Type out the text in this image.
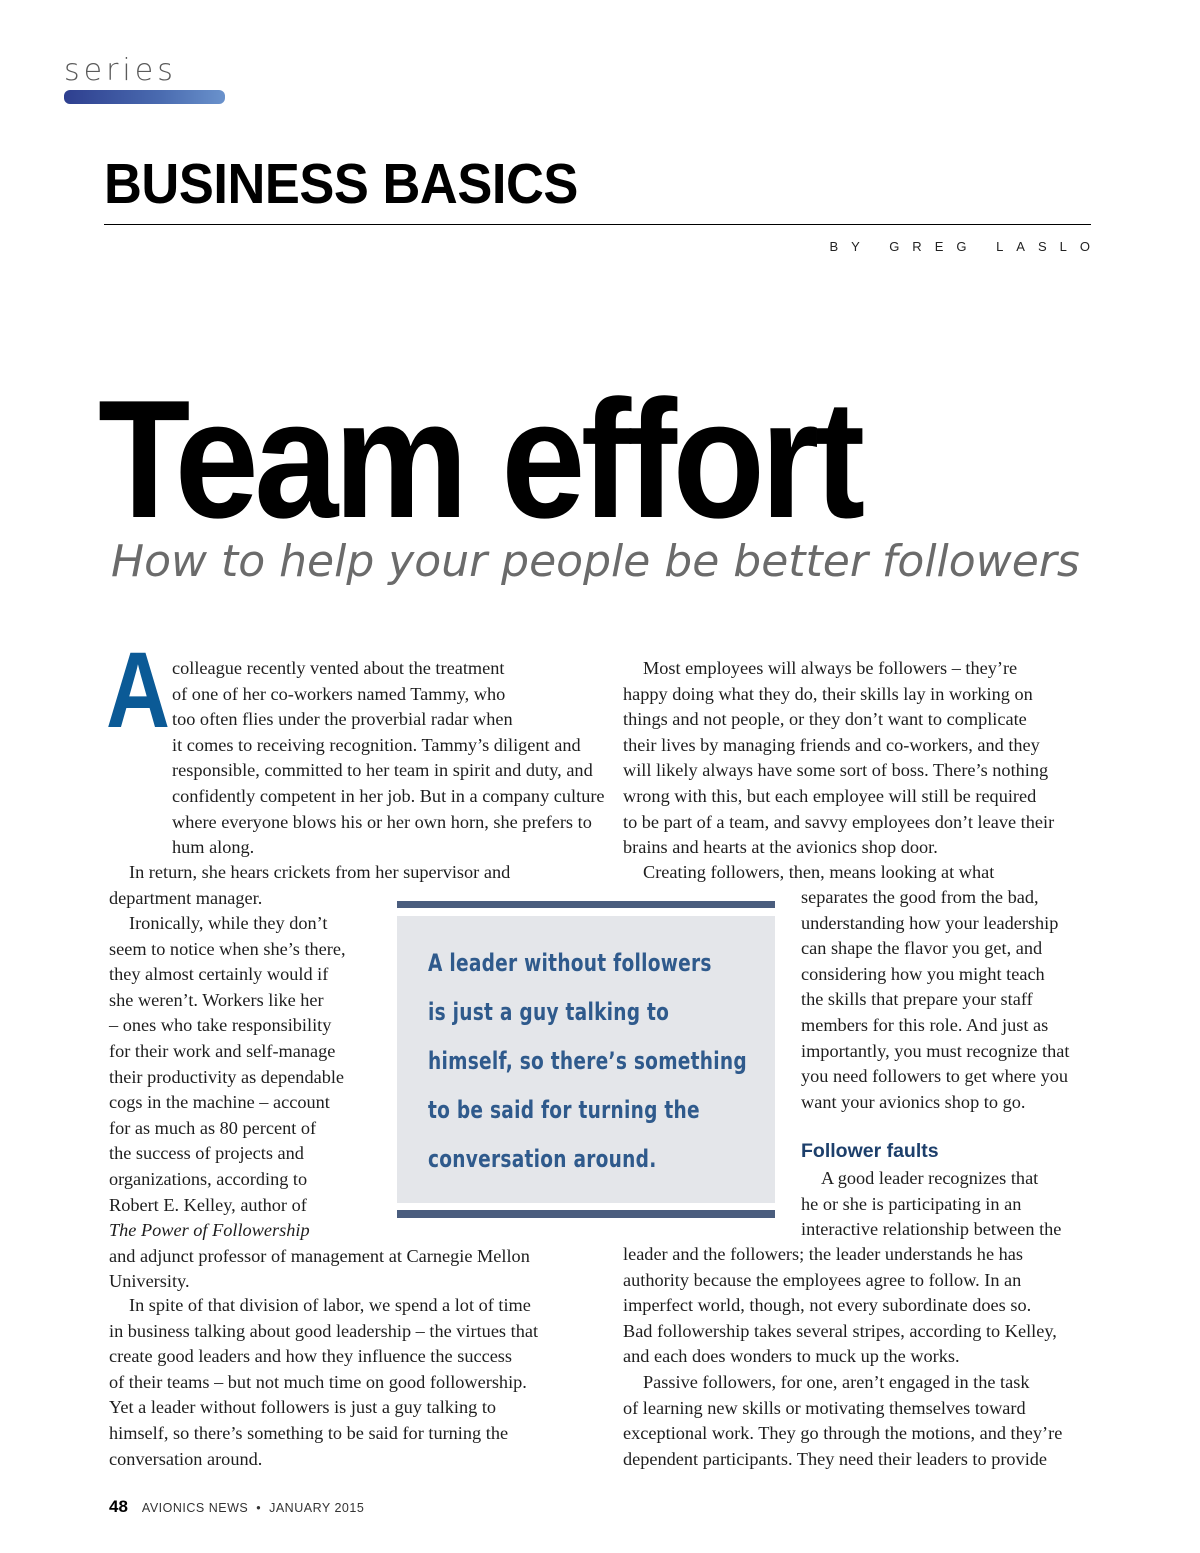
series
BUSINESS BASICS
BY GREG LASLO
Team effort
How to help your people be better followers
A colleague recently vented about the treatment
of one of her co-workers named Tammy, who
too often flies under the proverbial radar when
it comes to receiving recognition. Tammy’s diligent and
responsible, committed to her team in spirit and duty, and
confidently competent in her job. But in a company culture
where everyone blows his or her own horn, she prefers to
hum along.
In return, she hears crickets from her supervisor and
department manager.
Ironically, while they don’t
seem to notice when she’s there,
they almost certainly would if
she weren’t. Workers like her
– ones who take responsibility
for their work and self-manage
their productivity as dependable
cogs in the machine – account
for as much as 80 percent of
the success of projects and
organizations, according to
Robert E. Kelley, author of
The Power of Followership
and adjunct professor of management at Carnegie Mellon
University.
In spite of that division of labor, we spend a lot of time
in business talking about good leadership – the virtues that
create good leaders and how they influence the success
of their teams – but not much time on good followership.
Yet a leader without followers is just a guy talking to
himself, so there’s something to be said for turning the
conversation around.
Most employees will always be followers – they’re
happy doing what they do, their skills lay in working on
things and not people, or they don’t want to complicate
their lives by managing friends and co-workers, and they
will likely always have some sort of boss. There’s nothing
wrong with this, but each employee will still be required
to be part of a team, and savvy employees don’t leave their
brains and hearts at the avionics shop door.
Creating followers, then, means looking at what
separates the good from the bad,
understanding how your leadership
can shape the flavor you get, and
considering how you might teach
the skills that prepare your staff
members for this role. And just as
importantly, you must recognize that
you need followers to get where you
want your avionics shop to go.
Follower faults
A good leader recognizes that
he or she is participating in an
interactive relationship between the
leader and the followers; the leader understands he has
authority because the employees agree to follow. In an
imperfect world, though, not every subordinate does so.
Bad followership takes several stripes, according to Kelley,
and each does wonders to muck up the works.
Passive followers, for one, aren’t engaged in the task
of learning new skills or motivating themselves toward
exceptional work. They go through the motions, and they’re
dependent participants. They need their leaders to provide
A leader without followers
is just a guy talking to
himself, so there’s something
to be said for turning the
conversation around.
48 AVIONICS NEWS • JANUARY 2015
